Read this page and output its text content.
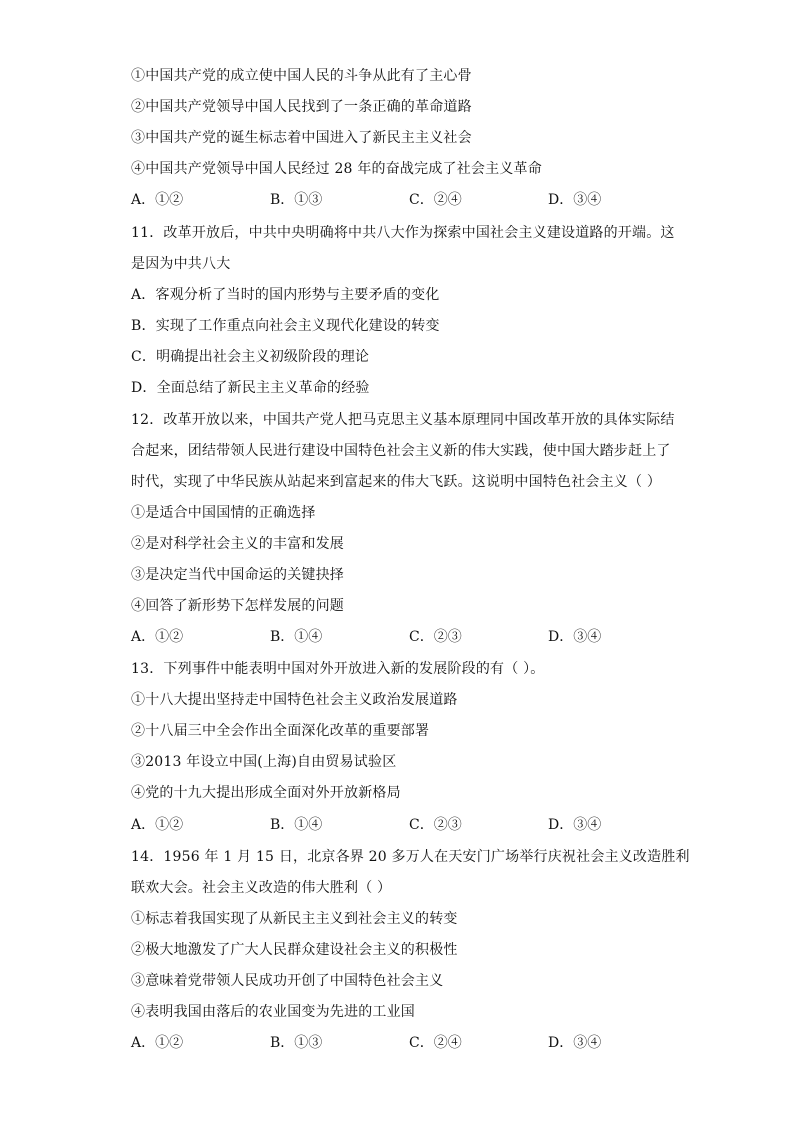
①中国共产党的成立使中国人民的斗争从此有了主心骨
②中国共产党领导中国人民找到了一条正确的革命道路
③中国共产党的诞生标志着中国进入了新民主主义社会
④中国共产党领导中国人民经过 28 年的奋战完成了社会主义革命
A．①②	B．①③	C．②④	D．③④
11．改革开放后，中共中央明确将中共八大作为探索中国社会主义建设道路的开端。这
是因为中共八大
A．客观分析了当时的国内形势与主要矛盾的变化
B．实现了工作重点向社会主义现代化建设的转变
C．明确提出社会主义初级阶段的理论
D．全面总结了新民主主义革命的经验
12．改革开放以来，中国共产党人把马克思主义基本原理同中国改革开放的具体实际结
合起来，团结带领人民进行建设中国特色社会主义新的伟大实践，使中国大踏步赶上了
时代，实现了中华民族从站起来到富起来的伟大飞跃。这说明中国特色社会主义（ ）
①是适合中国国情的正确选择
②是对科学社会主义的丰富和发展
③是决定当代中国命运的关键抉择
④回答了新形势下怎样发展的问题
A．①②	B．①④	C．②③	D．③④
13．下列事件中能表明中国对外开放进入新的发展阶段的有（ ）。
①十八大提出坚持走中国特色社会主义政治发展道路
②十八届三中全会作出全面深化改革的重要部署
③2013 年设立中国(上海)自由贸易试验区
④党的十九大提出形成全面对外开放新格局
A．①②	B．①④	C．②③	D．③④
14．1956 年 1 月 15 日，北京各界 20 多万人在天安门广场举行庆祝社会主义改造胜利
联欢大会。社会主义改造的伟大胜利（ ）
①标志着我国实现了从新民主主义到社会主义的转变
②极大地激发了广大人民群众建设社会主义的积极性
③意味着党带领人民成功开创了中国特色社会主义
④表明我国由落后的农业国变为先进的工业国
A．①②	B．①③	C．②④	D．③④
